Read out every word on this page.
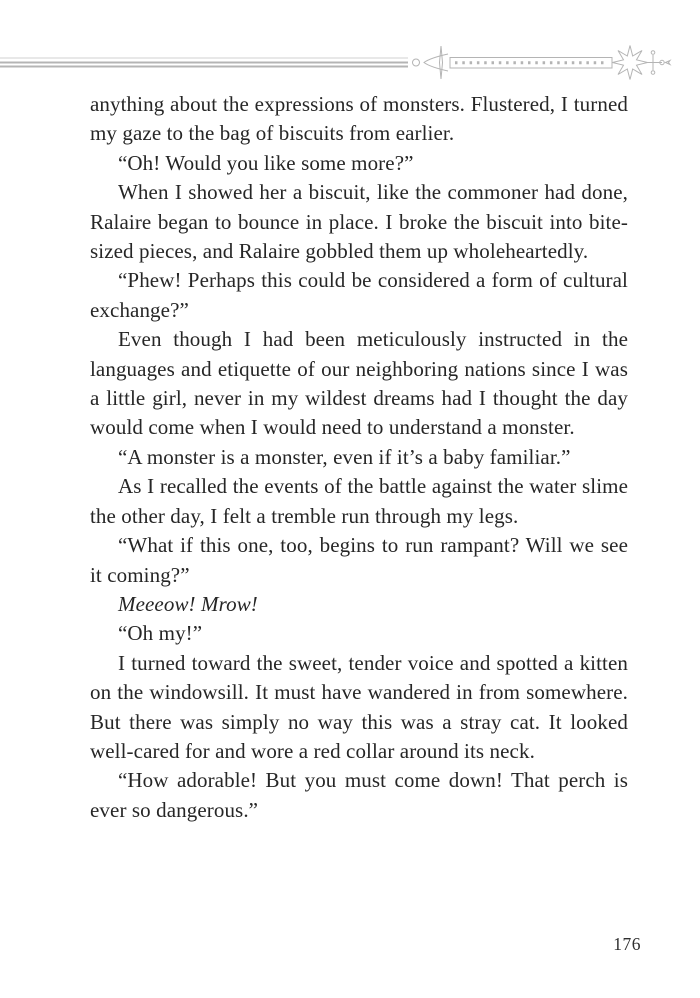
anything about the expressions of monsters. Flustered, I turned my gaze to the bag of biscuits from earlier.

“Oh! Would you like some more?”

When I showed her a biscuit, like the commoner had done, Ralaire began to bounce in place. I broke the biscuit into bite-sized pieces, and Ralaire gobbled them up wholeheartedly.

“Phew! Perhaps this could be considered a form of cultural exchange?”

Even though I had been meticulously instructed in the languages and etiquette of our neighboring nations since I was a little girl, never in my wildest dreams had I thought the day would come when I would need to understand a monster.

“A monster is a monster, even if it’s a baby familiar.”

As I recalled the events of the battle against the water slime the other day, I felt a tremble run through my legs.

“What if this one, too, begins to run rampant? Will we see it coming?”

Meeeow! Mrow!

“Oh my!”

I turned toward the sweet, tender voice and spotted a kitten on the windowsill. It must have wandered in from somewhere. But there was simply no way this was a stray cat. It looked well-cared for and wore a red collar around its neck.

“How adorable! But you must come down! That perch is ever so dangerous.”

176
